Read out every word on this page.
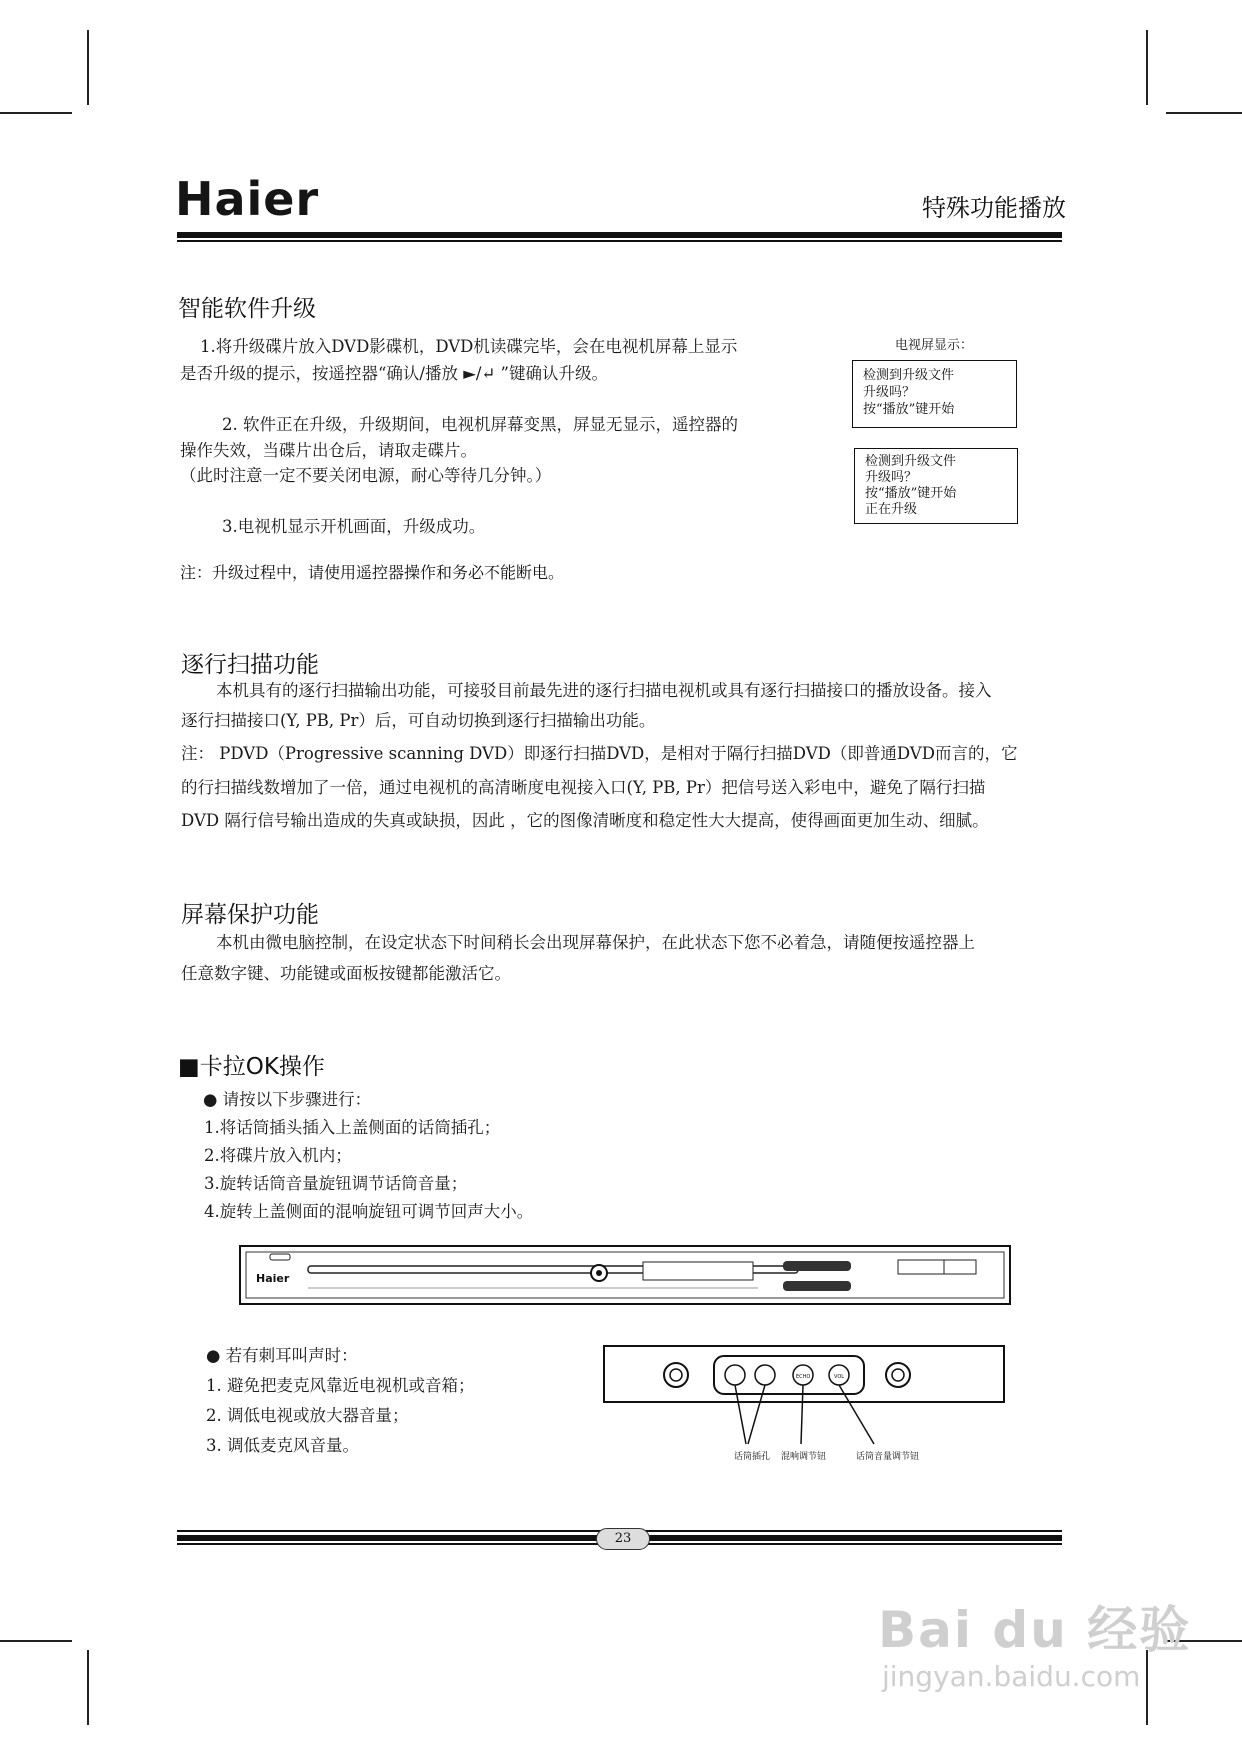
Haier	特殊功能播放
智能软件升级

1.将升级碟片放入DVD影碟机，DVD机读碟完毕，会在电视机屏幕上显示

是否升级的提示，按遥控器“确认/播放 ►/↵ ”键确认升级。

2. 软件正在升级，升级期间，电视机屏幕变黑，屏显无显示，遥控器的

操作失效，当碟片出仓后，请取走碟片。

（此时注意一定不要关闭电源，耐心等待几分钟。）

3.电视机显示开机画面，升级成功。

注：升级过程中，请使用遥控器操作和务必不能断电。

电视屏显示：
检测到升级文件
升级吗？
按“播放”键开始
检测到升级文件
升级吗？
按“播放”键开始
正在升级
逐行扫描功能

本机具有的逐行扫描输出功能，可接驳目前最先进的逐行扫描电视机或具有逐行扫描接口的播放设备。接入

逐行扫描接口(Y, PB, Pr）后，可自动切换到逐行扫描输出功能。

注： PDVD（Progressive scanning DVD）即逐行扫描DVD，是相对于隔行扫描DVD（即普通DVD而言的，它

的行扫描线数增加了一倍，通过电视机的高清晰度电视接入口(Y, PB, Pr）把信号送入彩电中，避免了隔行扫描

DVD 隔行信号输出造成的失真或缺损，因此 ，它的图像清晰度和稳定性大大提高，使得画面更加生动、细腻。

屏幕保护功能

本机由微电脑控制，在设定状态下时间稍长会出现屏幕保护，在此状态下您不必着急，请随便按遥控器上

任意数字键、功能键或面板按键都能激活它。

■卡拉OK操作

● 请按以下步骤进行：

1.将话筒插头插入上盖侧面的话筒插孔；

2.将碟片放入机内；

3.旋转话筒音量旋钮调节话筒音量；

4.旋转上盖侧面的混响旋钮可调节回声大小。

Haier

● 若有刺耳叫声时：

1. 避免把麦克风靠近电视机或音箱；

2. 调低电视或放大器音量；

3. 调低麦克风音量。

ECHO	VOL
话筒插孔 混响调节钮	话筒音量调节钮
23
Bai du 经验
jingyan.baidu.com
